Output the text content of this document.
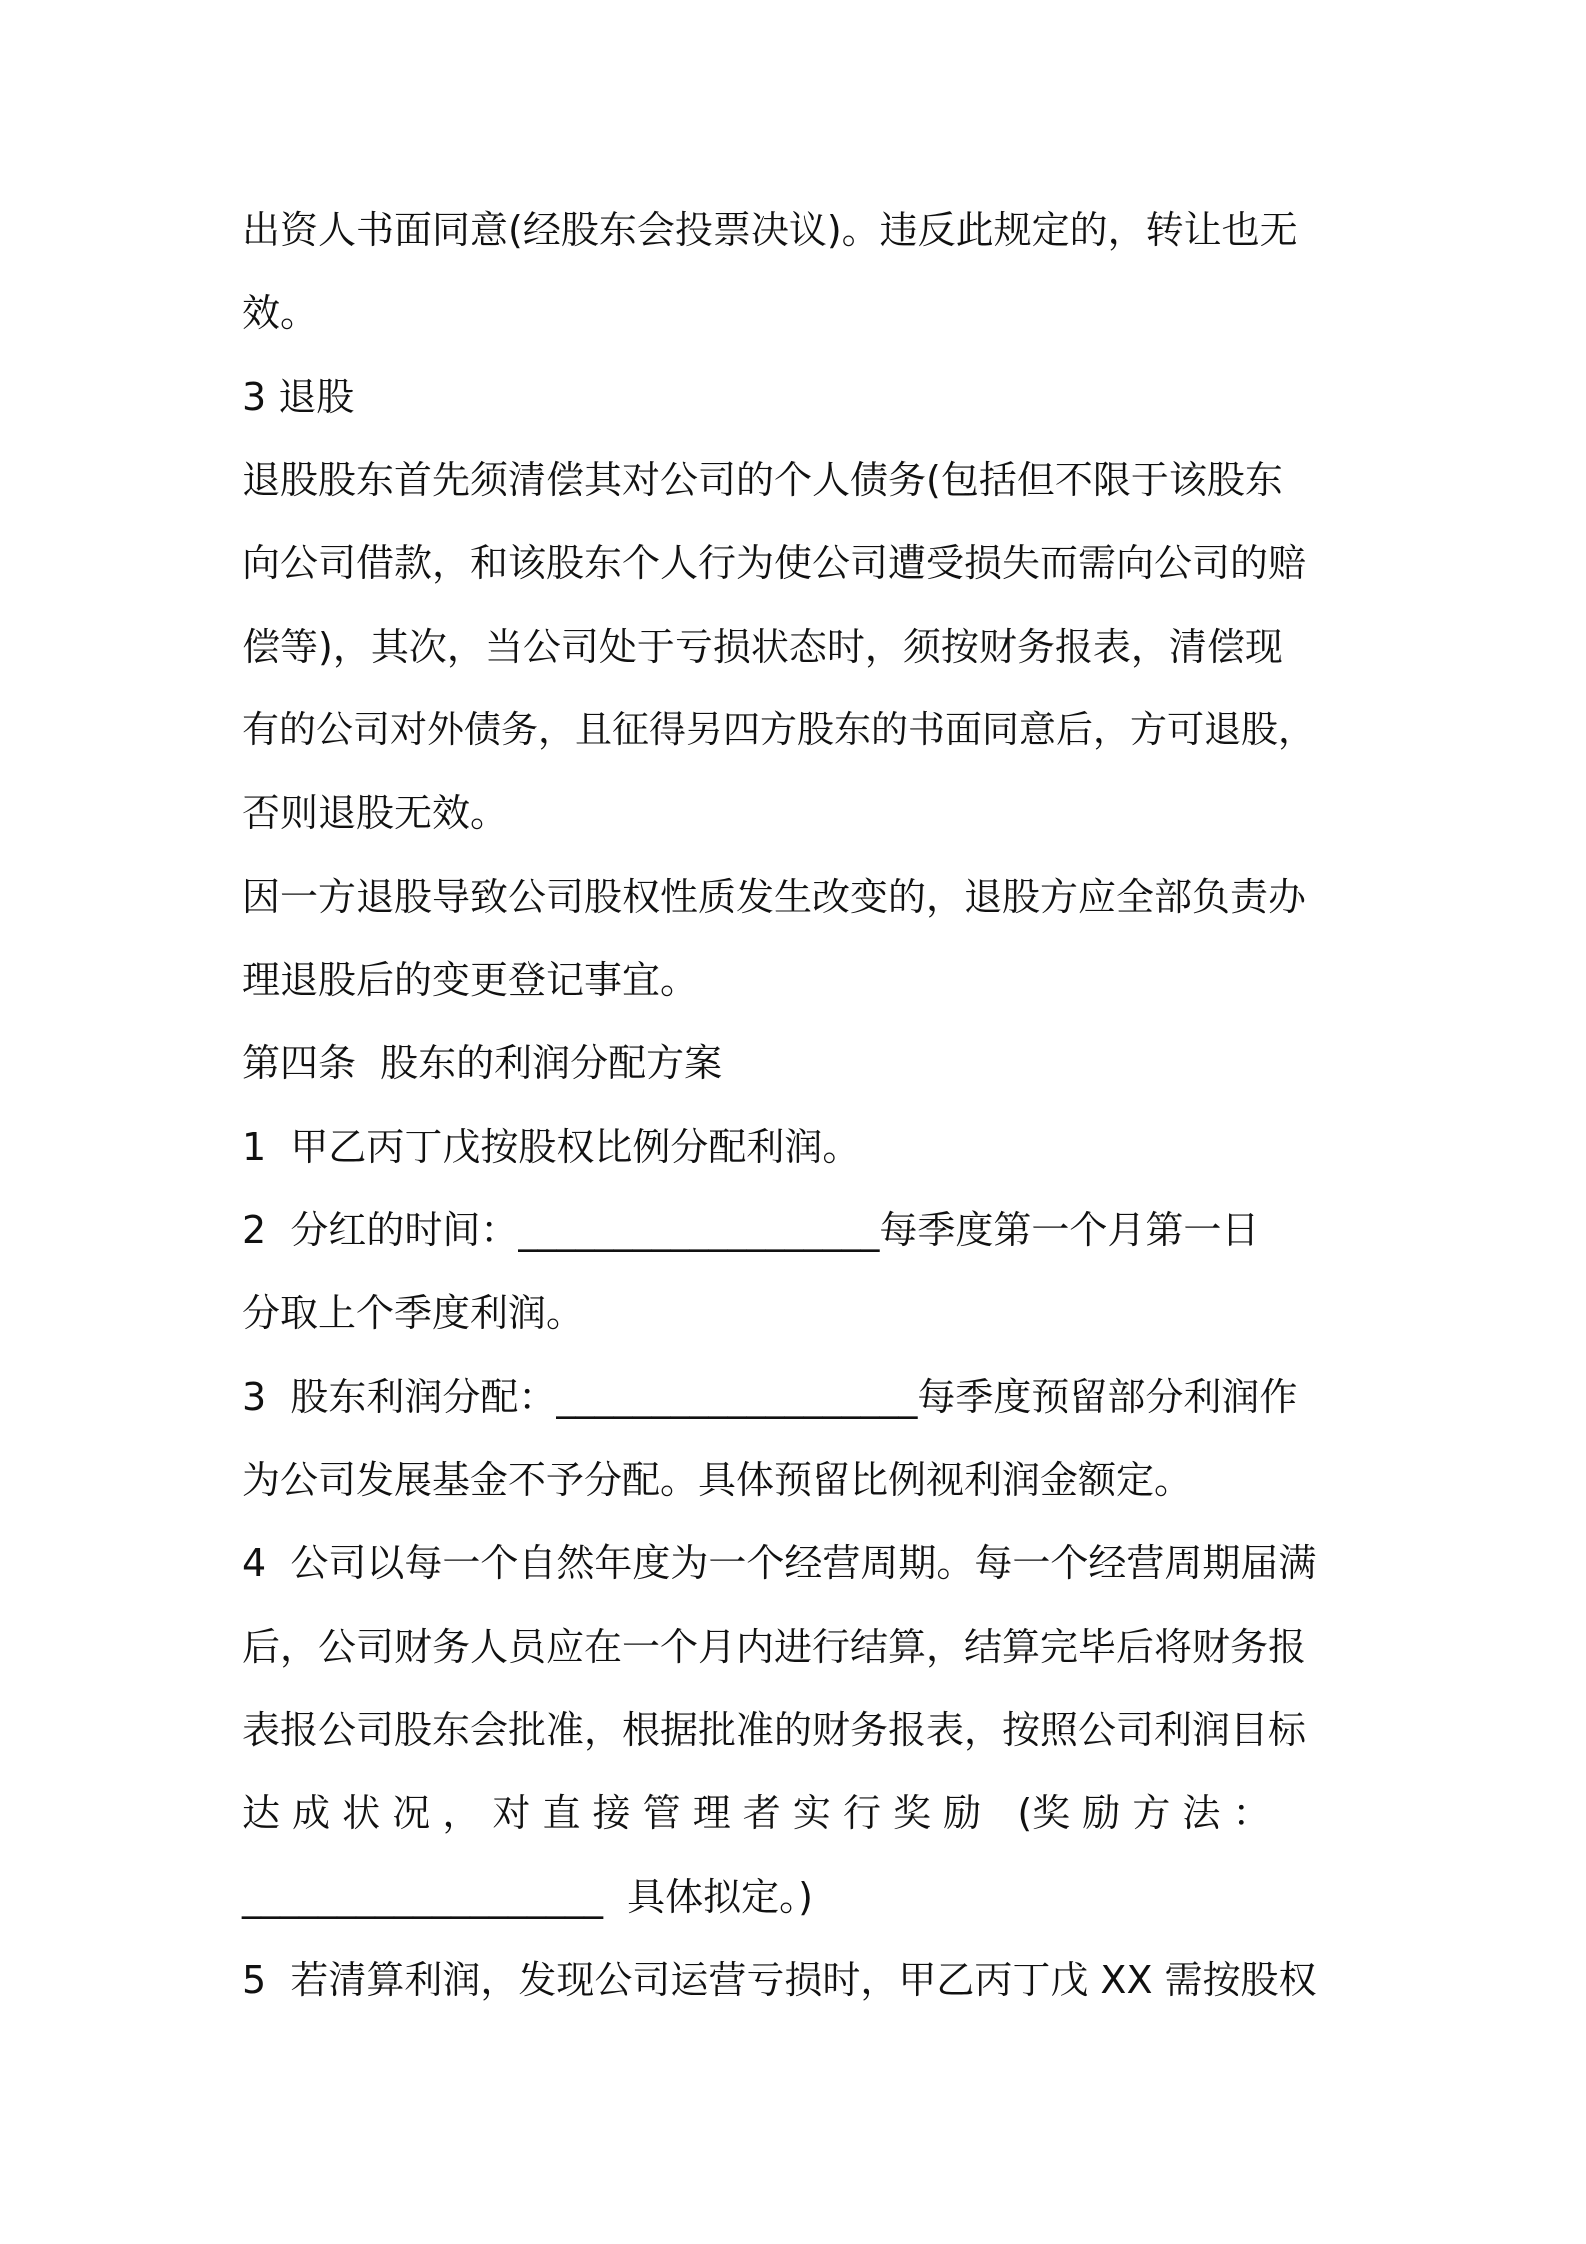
出资人书面同意(经股东会投票决议)。违反此规定的，转让也无
效。
3 退股
退股股东首先须清偿其对公司的个人债务(包括但不限于该股东
向公司借款，和该股东个人行为使公司遭受损失而需向公司的赔
偿等)，其次，当公司处于亏损状态时，须按财务报表，清偿现
有的公司对外债务，且征得另四方股东的书面同意后，方可退股，
否则退股无效。
因一方退股导致公司股权性质发生改变的，退股方应全部负责办
理退股后的变更登记事宜。
第四条  股东的利润分配方案
1  甲乙丙丁戊按股权比例分配利润。
2  分红的时间：___________________每季度第一个月第一日
分取上个季度利润。
3  股东利润分配：___________________每季度预留部分利润作
为公司发展基金不予分配。具体预留比例视利润金额定。
4  公司以每一个自然年度为一个经营周期。每一个经营周期届满
后，公司财务人员应在一个月内进行结算，结算完毕后将财务报
表报公司股东会批准，根据批准的财务报表，按照公司利润目标
达 成 状 况 ， 对 直 接 管 理 者 实 行 奖 励   (奖 励 方 法 ：
___________________  具体拟定。)
5  若清算利润，发现公司运营亏损时，甲乙丙丁戊 XX 需按股权
